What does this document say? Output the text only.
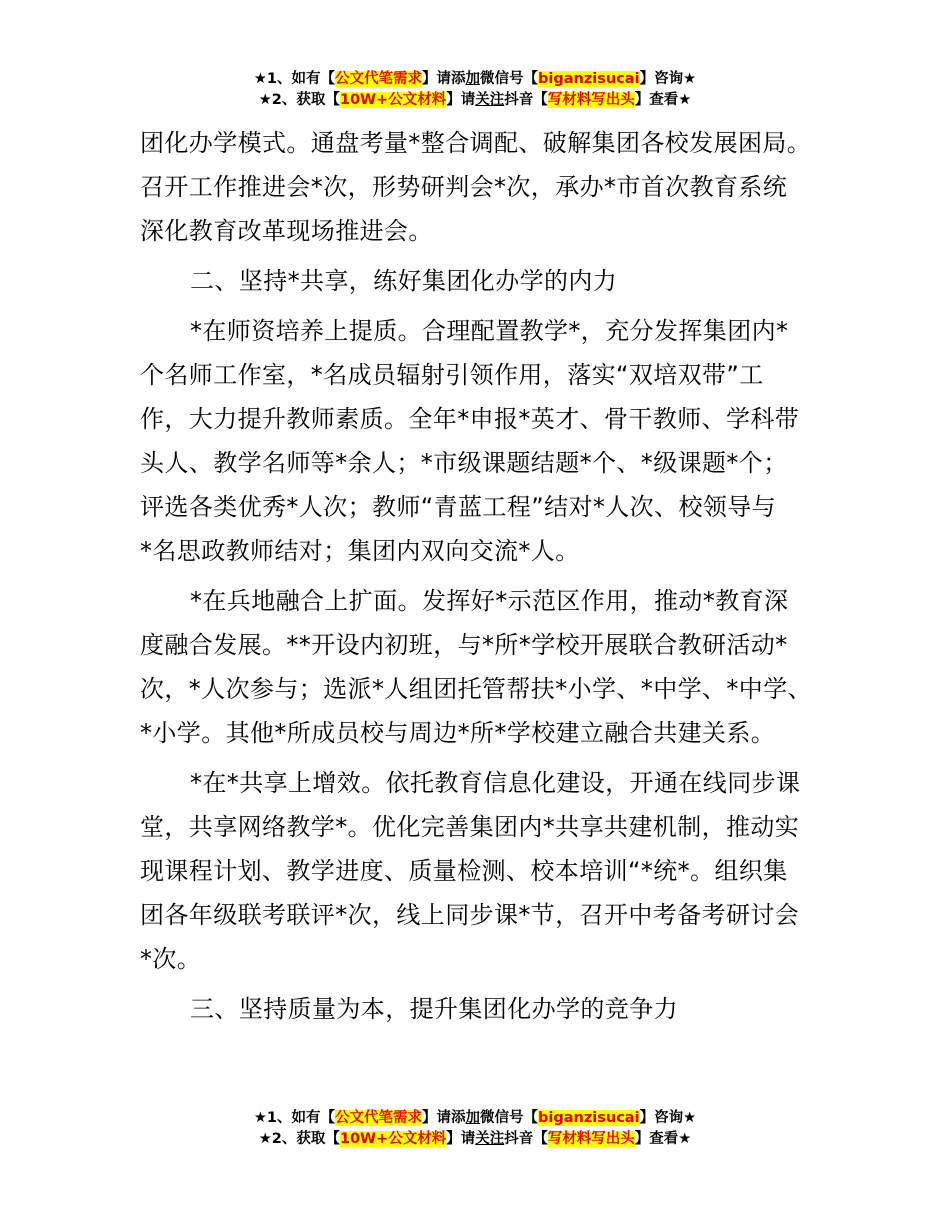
★1、如有【公文代笔需求】请添加微信号【biganzisucai】咨询★
★2、获取【10W+公文材料】请关注抖音【写材料写出头】查看★
团化办学模式。通盘考量*整合调配、破解集团各校发展困局。
召开工作推进会*次，形势研判会*次，承办*市首次教育系统
深化教育改革现场推进会。
二、坚持*共享，练好集团化办学的内力
*在师资培养上提质。合理配置教学*，充分发挥集团内*
个名师工作室，*名成员辐射引领作用，落实“双培双带”工
作，大力提升教师素质。全年*申报*英才、骨干教师、学科带
头人、教学名师等*余人；*市级课题结题*个、*级课题*个；
评选各类优秀*人次；教师“青蓝工程”结对*人次、校领导与
*名思政教师结对；集团内双向交流*人。
*在兵地融合上扩面。发挥好*示范区作用，推动*教育深
度融合发展。**开设内初班，与*所*学校开展联合教研活动*
次，*人次参与；选派*人组团托管帮扶*小学、*中学、*中学、
*小学。其他*所成员校与周边*所*学校建立融合共建关系。
*在*共享上增效。依托教育信息化建设，开通在线同步课
堂，共享网络教学*。优化完善集团内*共享共建机制，推动实
现课程计划、教学进度、质量检测、校本培训“*统*。组织集
团各年级联考联评*次，线上同步课*节，召开中考备考研讨会
*次。
三、坚持质量为本，提升集团化办学的竞争力
★1、如有【公文代笔需求】请添加微信号【biganzisucai】咨询★
★2、获取【10W+公文材料】请关注抖音【写材料写出头】查看★
